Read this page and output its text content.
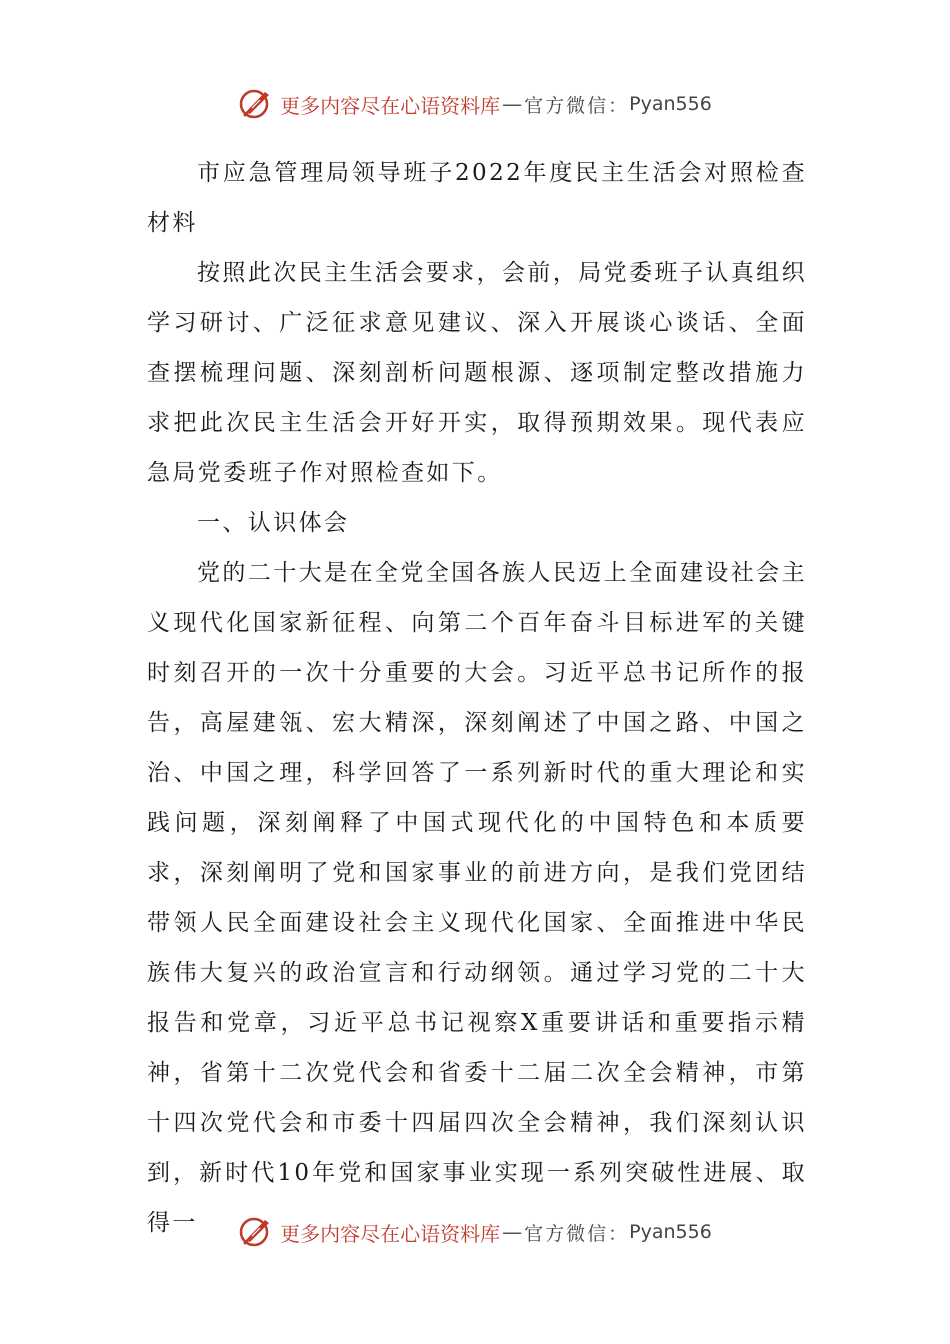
更多内容尽在心语资料库 — 官方微信： Pyan556

市应急管理局领导班子2022年度民主生活会对照检查材料

按照此次民主生活会要求，会前，局党委班子认真组织学习研讨、广泛征求意见建议、深入开展谈心谈话、全面查摆梳理问题、深刻剖析问题根源、逐项制定整改措施力求把此次民主生活会开好开实，取得预期效果。现代表应急局党委班子作对照检查如下。

一、认识体会

党的二十大是在全党全国各族人民迈上全面建设社会主义现代化国家新征程、向第二个百年奋斗目标进军的关键时刻召开的一次十分重要的大会。习近平总书记所作的报告，高屋建瓴、宏大精深，深刻阐述了中国之路、中国之治、中国之理，科学回答了一系列新时代的重大理论和实践问题，深刻阐释了中国式现代化的中国特色和本质要求，深刻阐明了党和国家事业的前进方向，是我们党团结带领人民全面建设社会主义现代化国家、全面推进中华民族伟大复兴的政治宣言和行动纲领。通过学习党的二十大报告和党章，习近平总书记视察X重要讲话和重要指示精神，省第十二次党代会和省委十二届二次全会精神，市第十四次党代会和市委十四届四次全会精神，我们深刻认识到，新时代10年党和国家事业实现一系列突破性进展、取得一	更多内容尽在心语资料库 — 官方微信： Pyan556
